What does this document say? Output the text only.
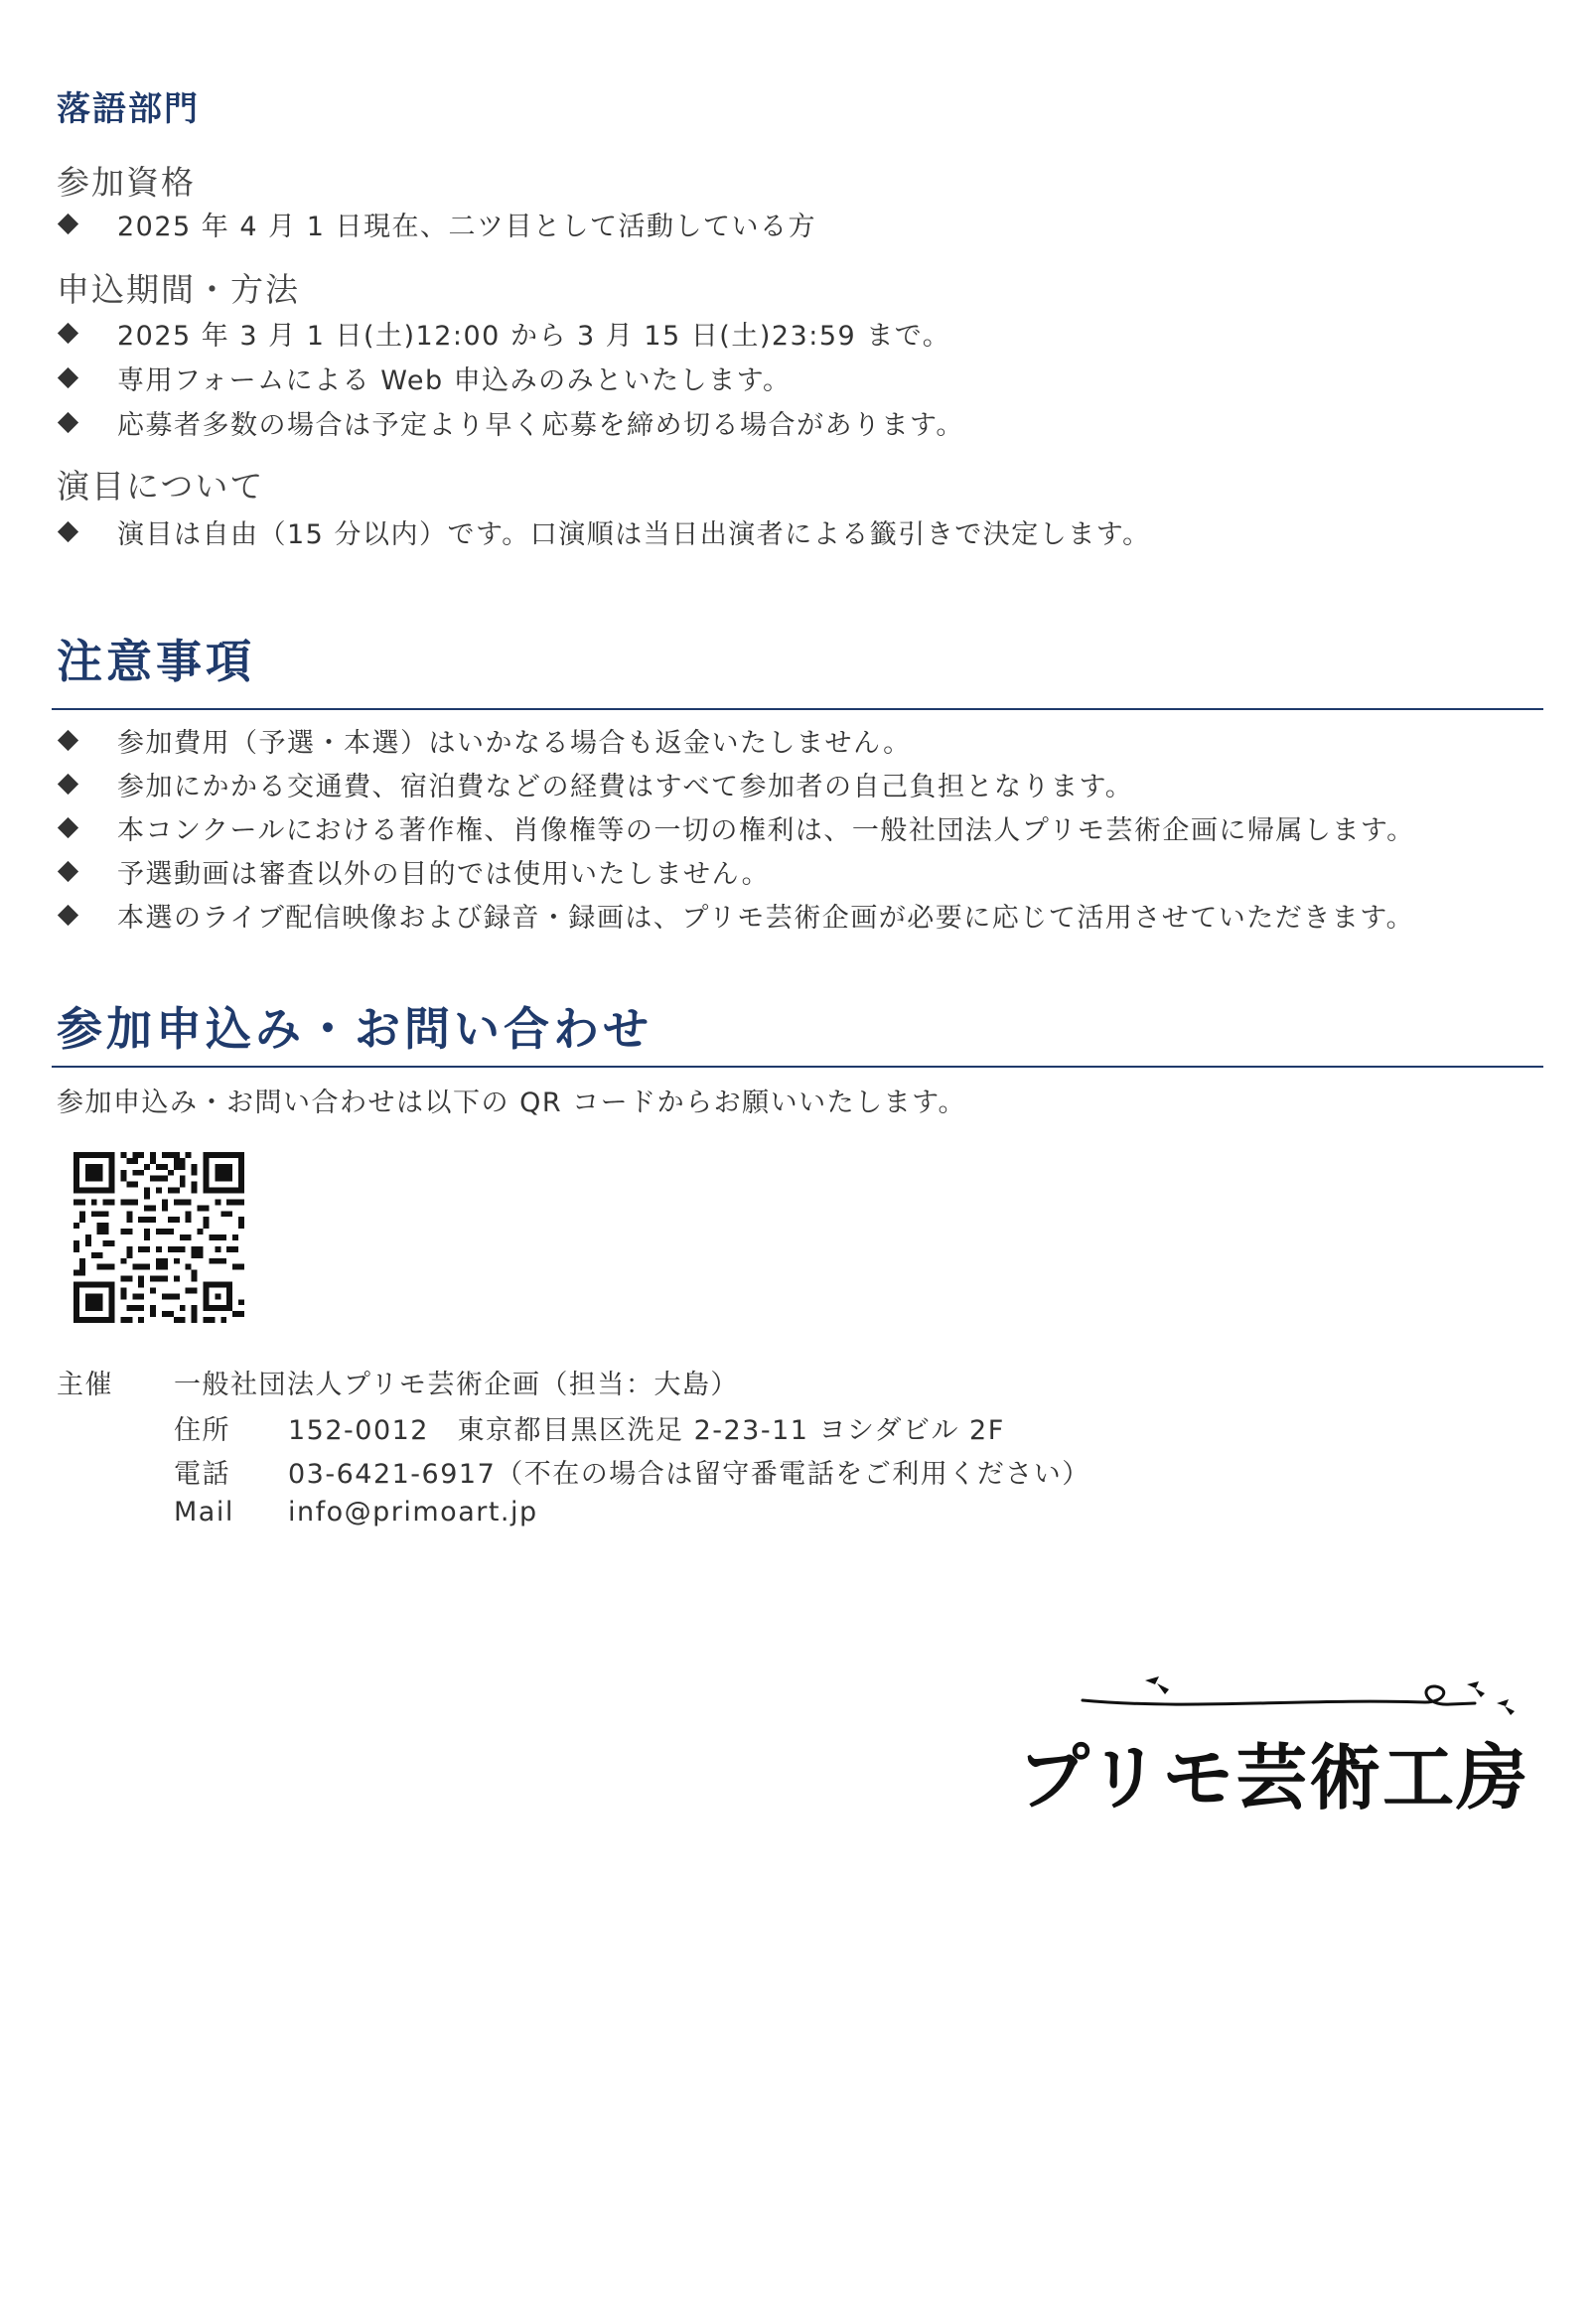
落語部門
参加資格
2025 年 4 月 1 日現在、二ツ目として活動している方
申込期間・方法
2025 年 3 月 1 日(土)12:00 から 3 月 15 日(土)23:59 まで。
専用フォームによる Web 申込みのみといたします。
応募者多数の場合は予定より早く応募を締め切る場合があります。
演目について
演目は自由（15 分以内）です。口演順は当日出演者による籤引きで決定します。
注意事項
参加費用（予選・本選）はいかなる場合も返金いたしません。
参加にかかる交通費、宿泊費などの経費はすべて参加者の自己負担となります。
本コンクールにおける著作権、肖像権等の一切の権利は、一般社団法人プリモ芸術企画に帰属します。
予選動画は審査以外の目的では使用いたしません。
本選のライブ配信映像および録音・録画は、プリモ芸術企画が必要に応じて活用させていただきます。
参加申込み・お問い合わせ
参加申込み・お問い合わせは以下の QR コードからお願いいたします。
主催 一般社団法人プリモ芸術企画（担当：大島）
住所 152-0012　東京都目黒区洗足 2-23-11 ヨシダビル 2F
電話 03-6421-6917（不在の場合は留守番電話をご利用ください）
Mail info@primoart.jp
プリモ芸術工房
